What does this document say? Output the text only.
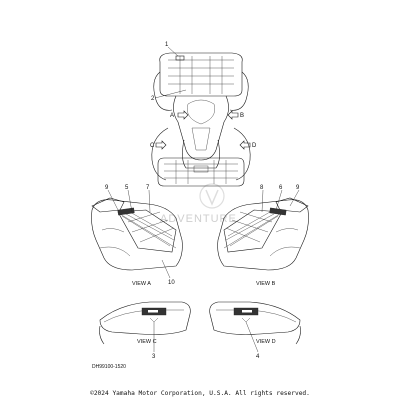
ADVENTURE
A	B
C	D
1
2
9	5	7
10
VIEW A
8	6 9
VIEW B
3
VIEW C
4
VIEW D
DH99100-1520
©2024 Yamaha Motor Corporation, U.S.A. All rights reserved.
